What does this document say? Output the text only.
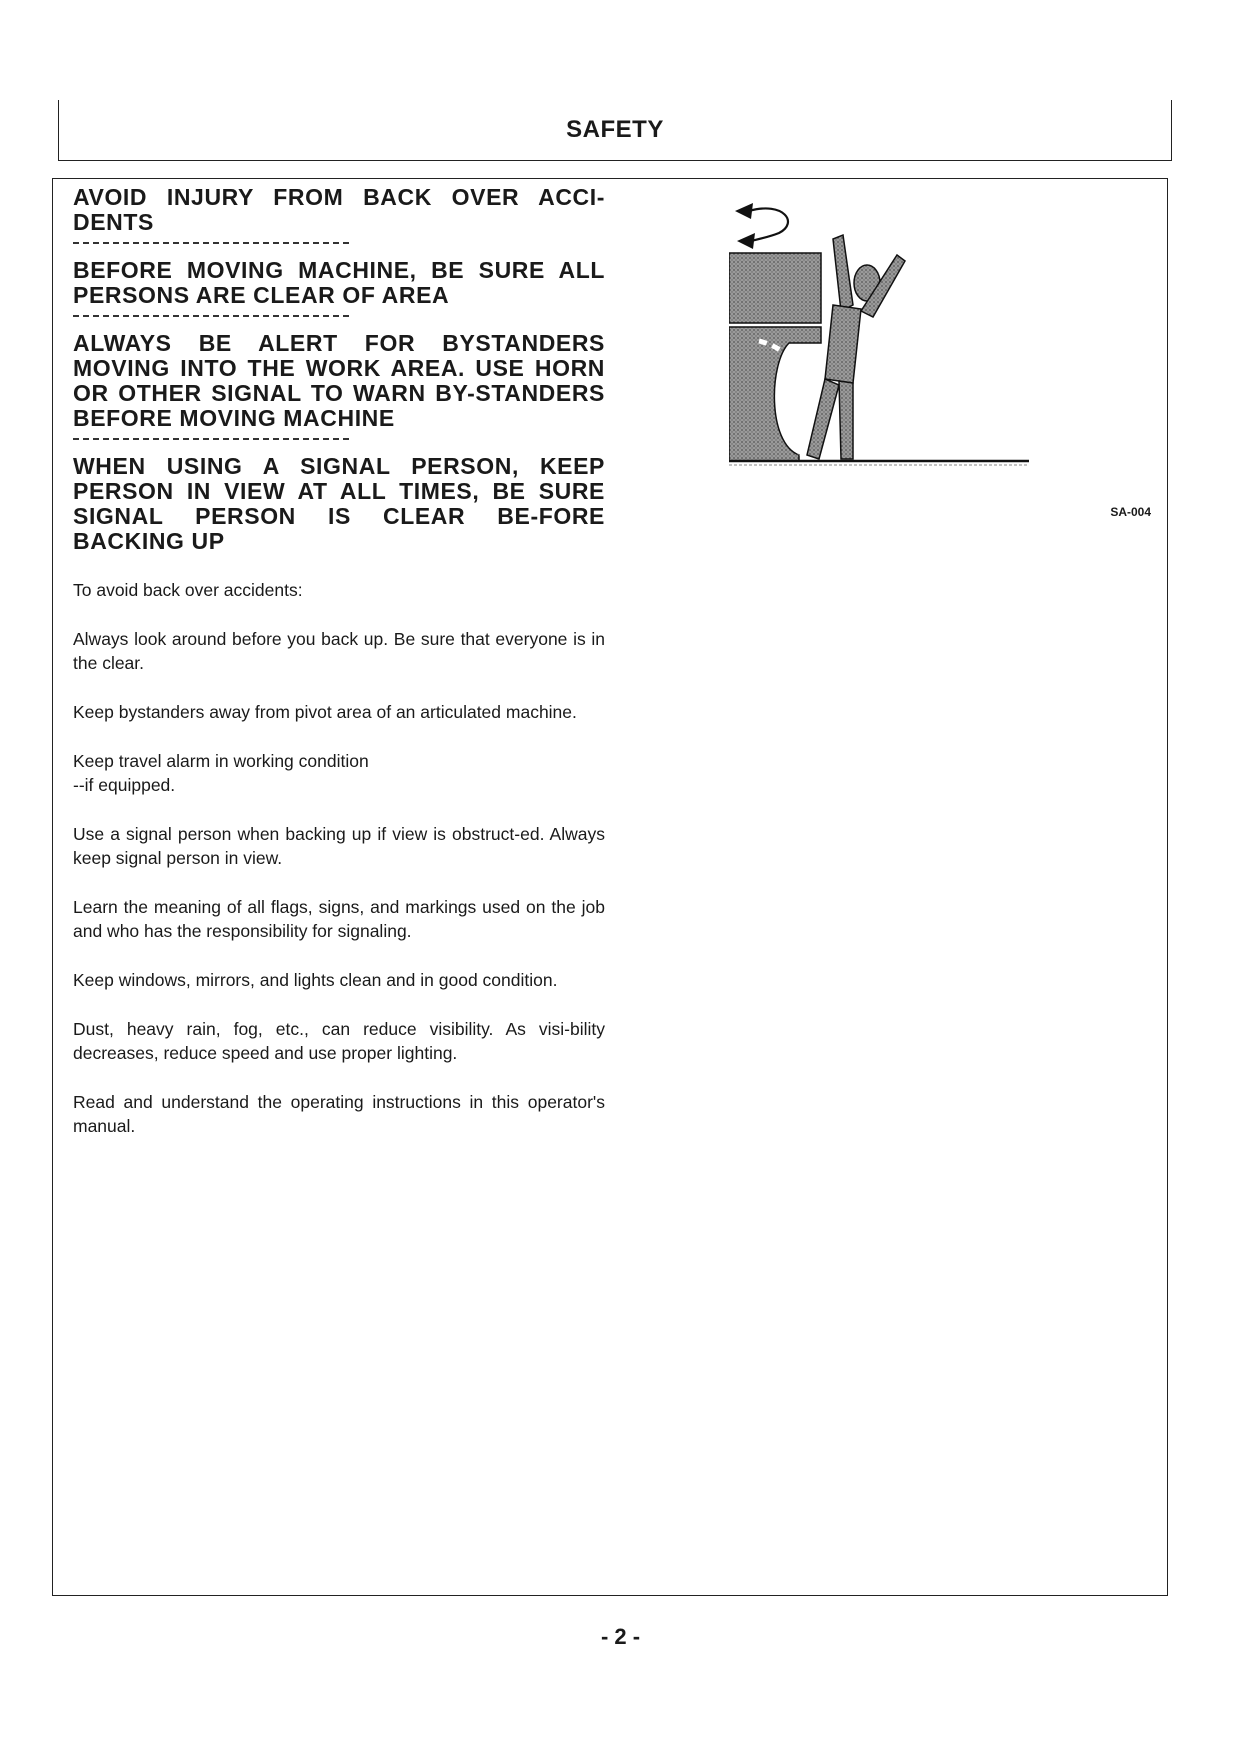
SAFETY

AVOID INJURY FROM BACK OVER ACCI-DENTS

BEFORE MOVING MACHINE, BE SURE ALL PERSONS ARE CLEAR OF AREA

ALWAYS BE ALERT FOR BYSTANDERS MOVING INTO THE WORK AREA. USE HORN OR OTHER SIGNAL TO WARN BY-STANDERS BEFORE MOVING MACHINE

WHEN USING A SIGNAL PERSON, KEEP PERSON IN VIEW AT ALL TIMES, BE SURE SIGNAL PERSON IS CLEAR BE-FORE BACKING UP

To avoid back over accidents:

Always look around before you back up. Be sure that everyone is in the clear.

Keep bystanders away from pivot area of an articulated machine.

Keep travel alarm in working condition
--if equipped.

Use a signal person when backing up if view is obstruct-ed. Always keep signal person in view.

Learn the meaning of all flags, signs, and markings used on the job and who has the responsibility for signaling.

Keep windows, mirrors, and lights clean and in good condition.

Dust, heavy rain, fog, etc., can reduce visibility. As visi-bility decreases, reduce speed and use proper lighting.

Read and understand the operating instructions in this operator's manual.

SA-004
- 2 -
